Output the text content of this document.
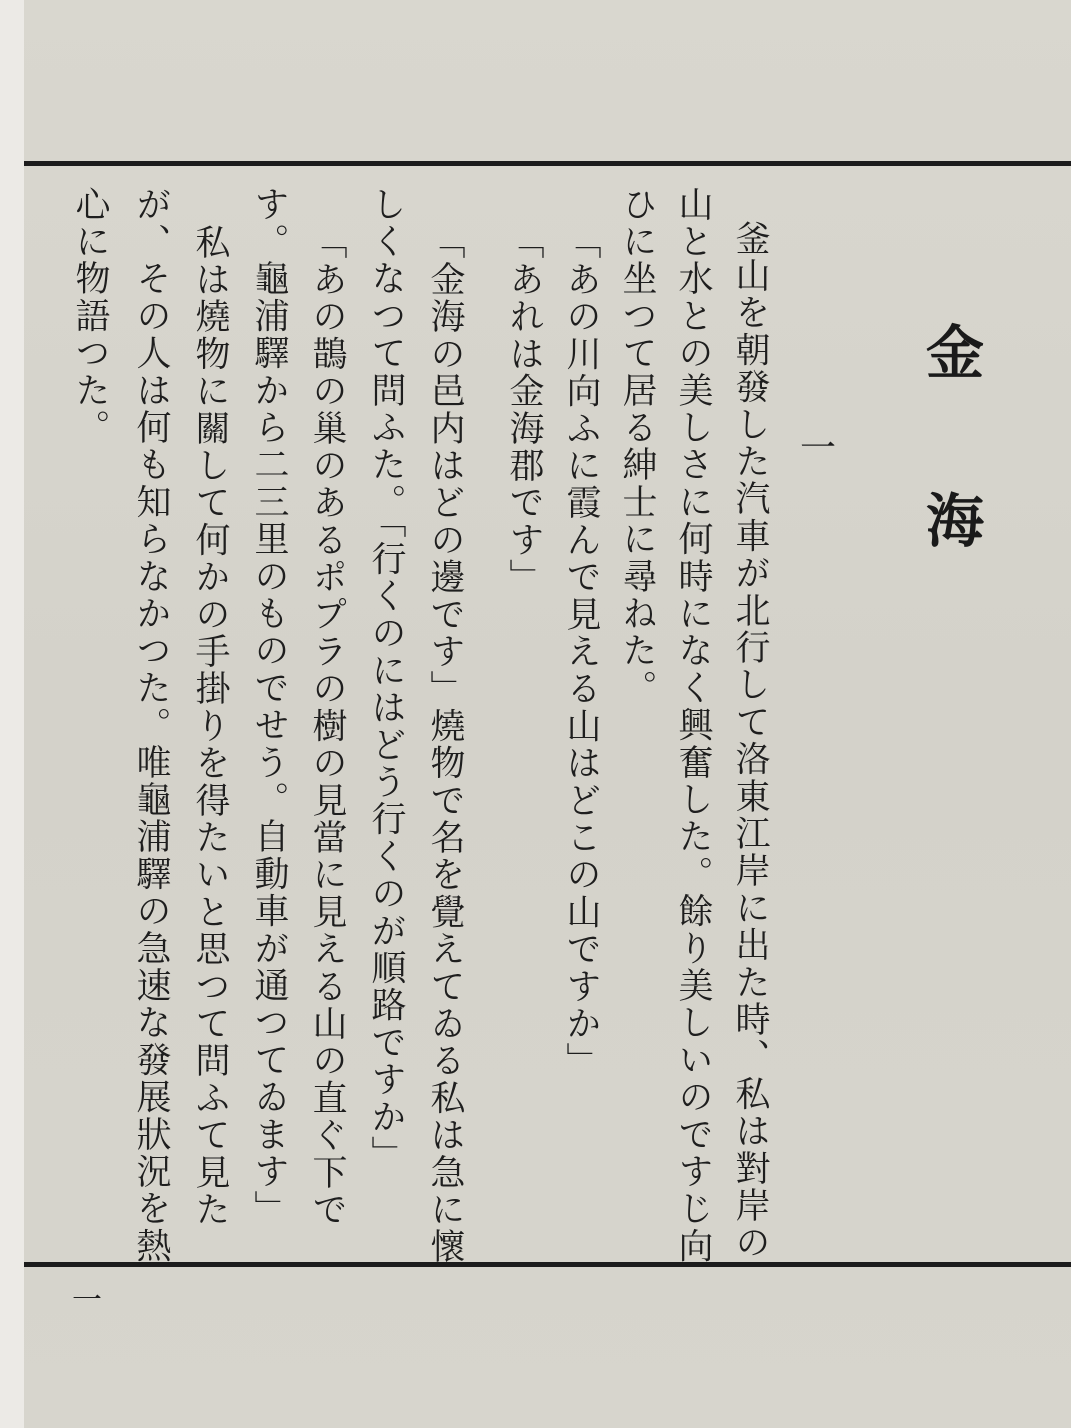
金海
一
釜山を朝發した汽車が北行して洛東江岸に出た時、私は對岸の
山と水との美しさに何時になく興奮した。餘り美しいのですじ向
ひに坐つて居る紳士に尋ねた。
「あの川向ふに霞んで見える山はどこの山ですか」
「あれは金海郡です」
「金海の邑内はどの邊です」燒物で名を覺えてゐる私は急に懷
しくなつて問ふた。「行くのにはどう行くのが順路ですか」
「あの鵲の巢のあるポプラの樹の見當に見える山の直ぐ下で
す。龜浦驛から二三里のものでせう。自動車が通つてゐます」
私は燒物に關して何かの手掛りを得たいと思つて問ふて見た
が、その人は何も知らなかつた。唯龜浦驛の急速な發展狀況を熱
心に物語つた。
一
